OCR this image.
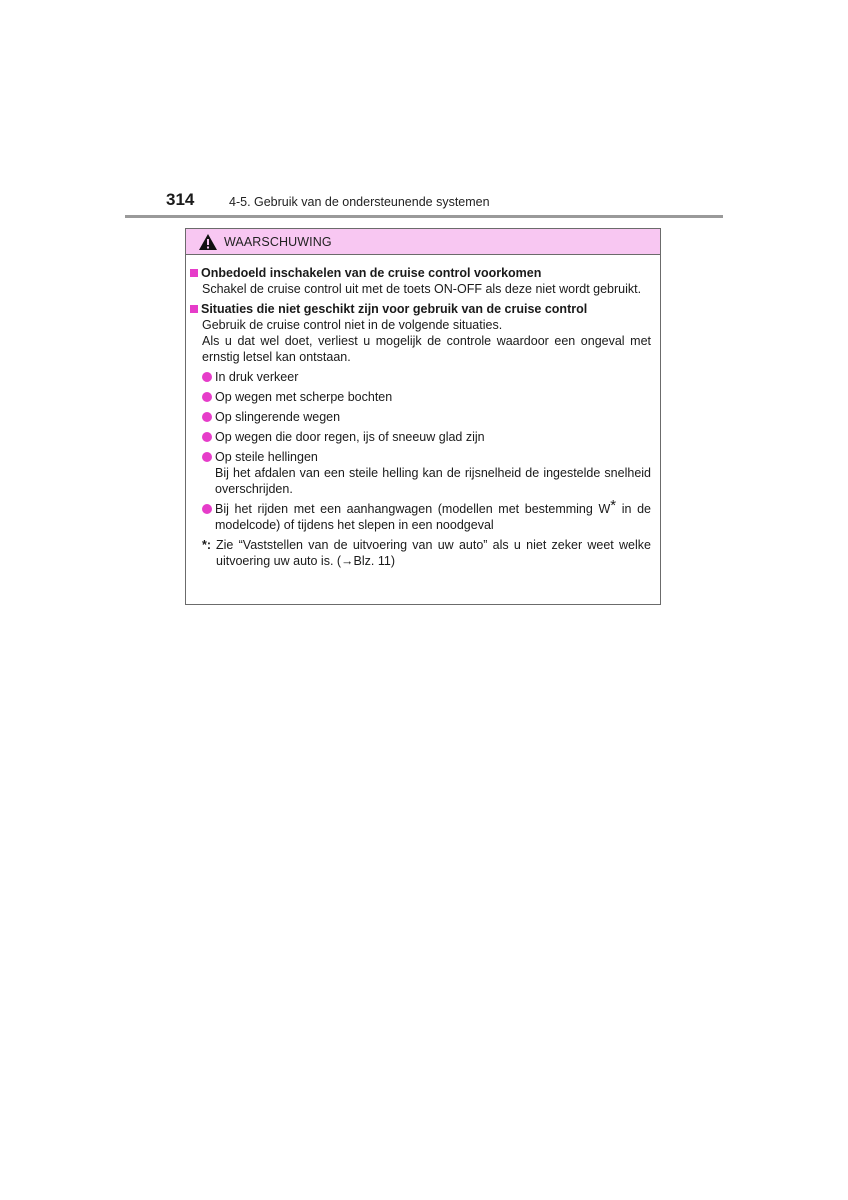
314	4-5. Gebruik van de ondersteunende systemen
WAARSCHUWING
Onbedoeld inschakelen van de cruise control voorkomen
Schakel de cruise control uit met de toets ON-OFF als deze niet wordt gebruikt.
Situaties die niet geschikt zijn voor gebruik van de cruise control
Gebruik de cruise control niet in de volgende situaties.
Als u dat wel doet, verliest u mogelijk de controle waardoor een ongeval met ernstig letsel kan ontstaan.
In druk verkeer
Op wegen met scherpe bochten
Op slingerende wegen
Op wegen die door regen, ijs of sneeuw glad zijn
Op steile hellingen
Bij het afdalen van een steile helling kan de rijsnelheid de ingestelde snelheid overschrijden.
Bij het rijden met een aanhangwagen (modellen met bestemming W* in de modelcode) of tijdens het slepen in een noodgeval
*: Zie “Vaststellen van de uitvoering van uw auto” als u niet zeker weet welke uitvoering uw auto is. (→Blz. 11)
